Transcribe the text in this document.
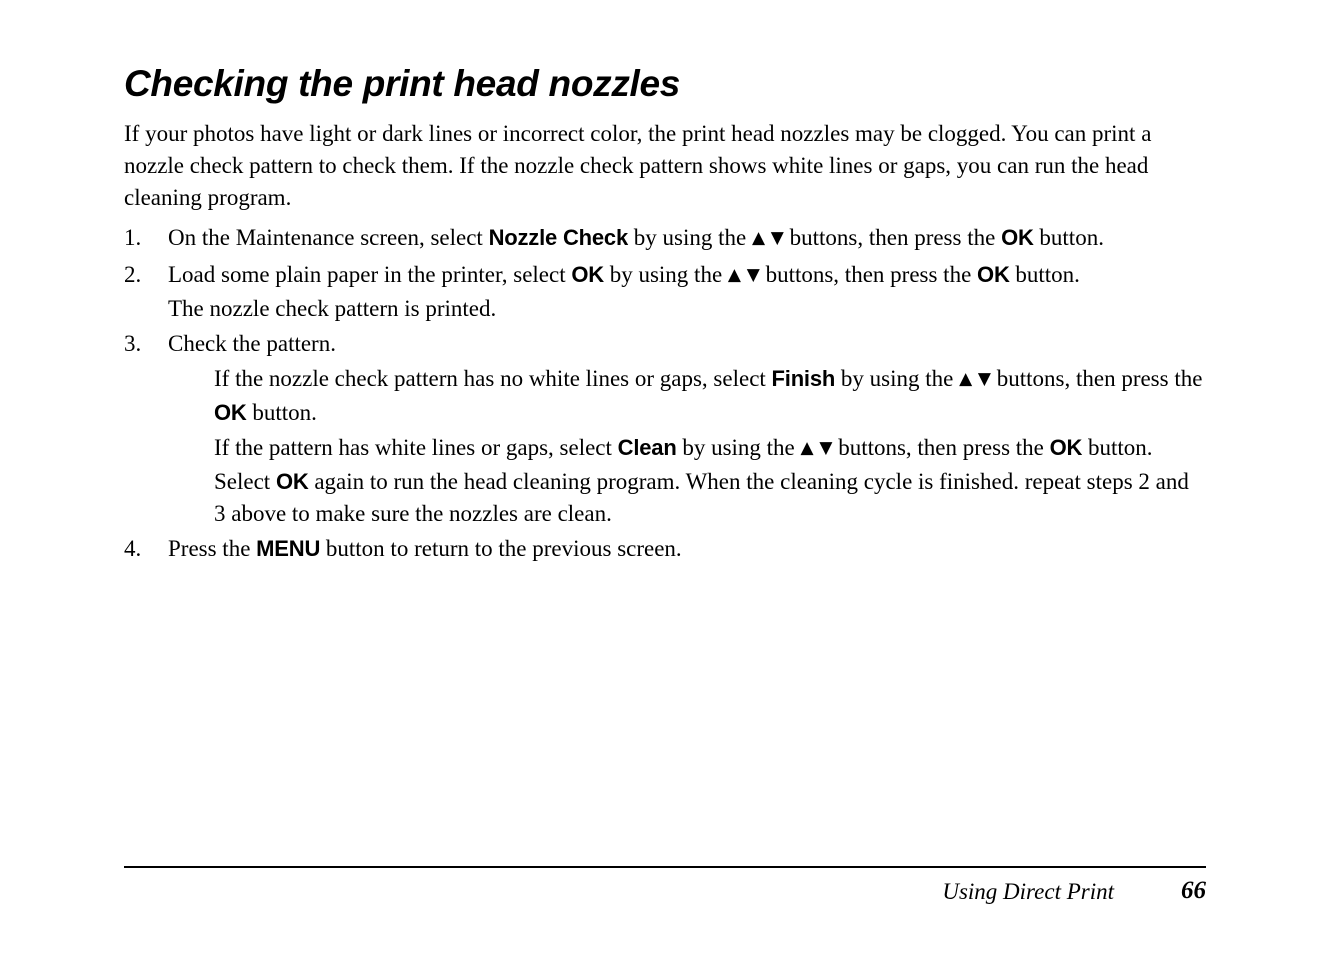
Checking the print head nozzles

If your photos have light or dark lines or incorrect color, the print head nozzles may be clogged. You can print a nozzle check pattern to check them. If the nozzle check pattern shows white lines or gaps, you can run the head cleaning program.

1. On the Maintenance screen, select Nozzle Check by using the ▲ ▼ buttons, then press the OK button.
2. Load some plain paper in the printer, select OK by using the ▲ ▼ buttons, then press the OK button.
The nozzle check pattern is printed.
3. Check the pattern.
If the nozzle check pattern has no white lines or gaps, select Finish by using the ▲ ▼ buttons, then press the OK button.
If the pattern has white lines or gaps, select Clean by using the ▲ ▼ buttons, then press the OK button. Select OK again to run the head cleaning program. When the cleaning cycle is finished. repeat steps 2 and 3 above to make sure the nozzles are clean.
4. Press the MENU button to return to the previous screen.
Using Direct Print	66
